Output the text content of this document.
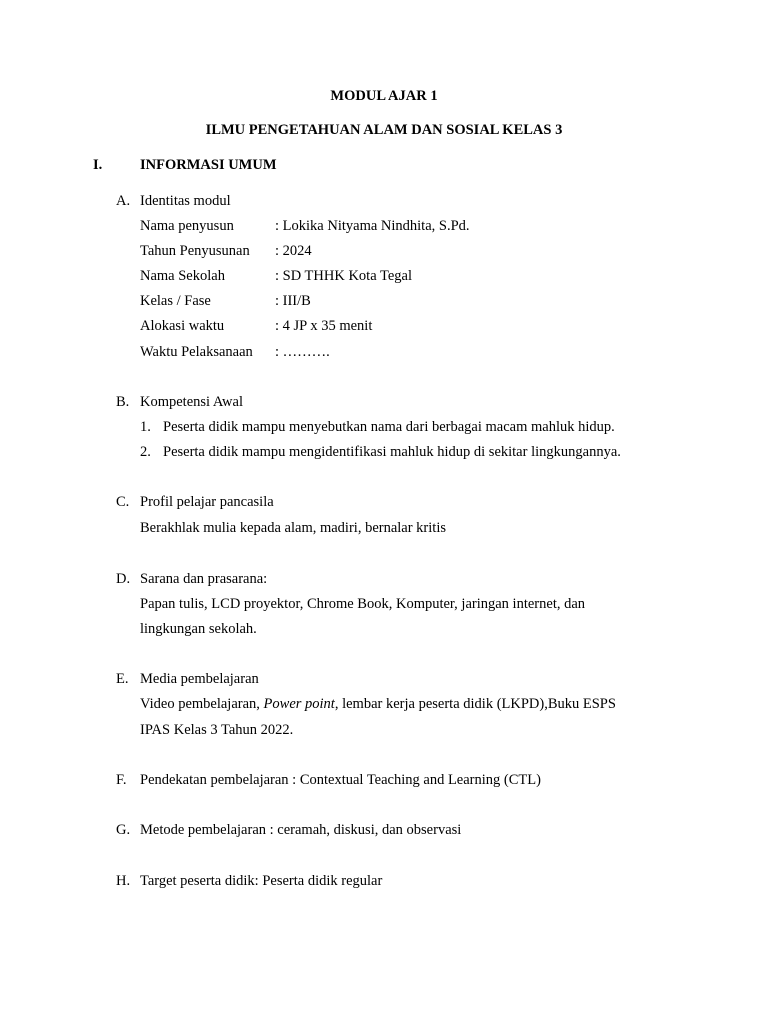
MODUL AJAR 1
ILMU PENGETAHUAN ALAM DAN SOSIAL KELAS 3
I.	INFORMASI UMUM
A. Identitas modul
Nama penyusun	: Lokika Nityama Nindhita, S.Pd.
Tahun Penyusunan : 2024
Nama Sekolah	: SD THHK Kota Tegal
Kelas / Fase	: III/B
Alokasi waktu	: 4 JP x 35 menit
Waktu Pelaksanaan : ……….
B. Kompetensi Awal
1. Peserta didik mampu menyebutkan nama dari berbagai macam mahluk hidup.
2. Peserta didik mampu mengidentifikasi mahluk hidup di sekitar lingkungannya.
C. Profil pelajar pancasila
Berakhlak mulia kepada alam, madiri, bernalar kritis
D. Sarana dan prasarana:
Papan tulis, LCD proyektor, Chrome Book, Komputer, jaringan internet, dan
lingkungan sekolah.
E. Media pembelajaran
Video pembelajaran, Power point, lembar kerja peserta didik (LKPD),Buku ESPS
IPAS Kelas 3 Tahun 2022.
F. Pendekatan pembelajaran : Contextual Teaching and Learning (CTL)
G. Metode pembelajaran : ceramah, diskusi, dan observasi
H. Target peserta didik: Peserta didik regular
